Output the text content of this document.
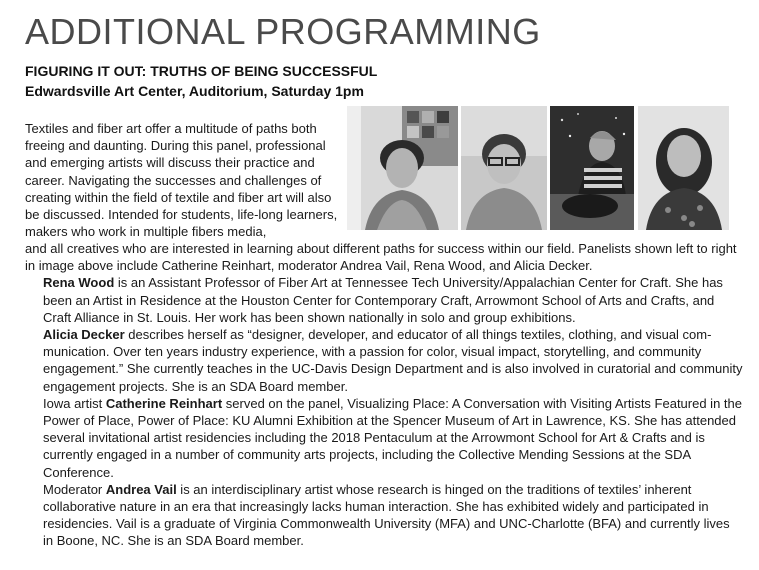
ADDITIONAL PROGRAMMING
FIGURING IT OUT: TRUTHS OF BEING SUCCESSFUL
Edwardsville Art Center, Auditorium, Saturday 1pm
Textiles and fiber art offer a multitude of paths both freeing and daunting. During this panel, professional and emerging artists will discuss their practice and career. Navigating the successes and challenges of creating within the field of textile and fiber art will also be discussed. Intended for students, life-long learners, makers who work in multiple fibers media,

and all creatives who are interested in learning about different paths for success within our field. Panelists shown left to right in image above include Catherine Reinhart, moderator Andrea Vail, Rena Wood, and Alicia Decker.

Rena Wood is an Assistant Professor of Fiber Art at Tennessee Tech University/Appalachian Center for Craft. She has been an Artist in Residence at the Houston Center for Contemporary Craft, Arrowmont School of Arts and Crafts, and Craft Alliance in St. Louis. Her work has been shown nationally in solo and group exhibitions.

Alicia Decker describes herself as “designer, developer, and educator of all things textiles, clothing, and visual com-munication. Over ten years industry experience, with a passion for color, visual impact, storytelling, and community engagement.” She currently teaches in the UC-Davis Design Department and is also involved in curatorial and community engagement projects. She is an SDA Board member.

Iowa artist Catherine Reinhart served on the panel, Visualizing Place: A Conversation with Visiting Artists Featured in the Power of Place, Power of Place: KU Alumni Exhibition at the Spencer Museum of Art in Lawrence, KS. She has attended several invitational artist residencies including the 2018 Pentaculum at the Arrowmont School for Art & Crafts and is currently engaged in a number of community arts projects, including the Collective Mending Sessions at the SDA Conference.

Moderator Andrea Vail is an interdisciplinary artist whose research is hinged on the traditions of textiles’ inherent collaborative nature in an era that increasingly lacks human interaction. She has exhibited widely and participated in residencies. Vail is a graduate of Virginia Commonwealth University (MFA) and UNC-Charlotte (BFA) and currently lives in Boone, NC. She is an SDA Board member.
